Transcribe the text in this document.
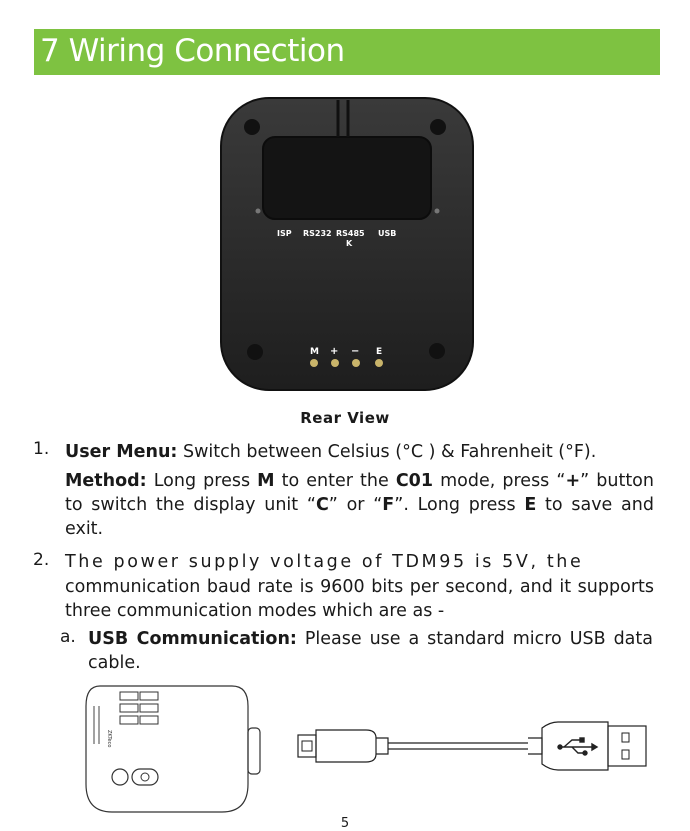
7 Wiring Connection
ISP RS232 RS485
K
USB
M + − E
Rear View
1. User Menu: Switch between Celsius (°C ) & Fahrenheit (°F).

Method: Long press M to enter the C01 mode, press “+” button to switch the display unit “C” or “F”. Long press E to save and exit.

2. The power supply voltage of TDM95 is 5V, the

communication baud rate is 9600 bits per second, and it supports three communication modes which are as -

a. USB Communication: Please use a standard micro USB data cable.

ZKTeco
5
